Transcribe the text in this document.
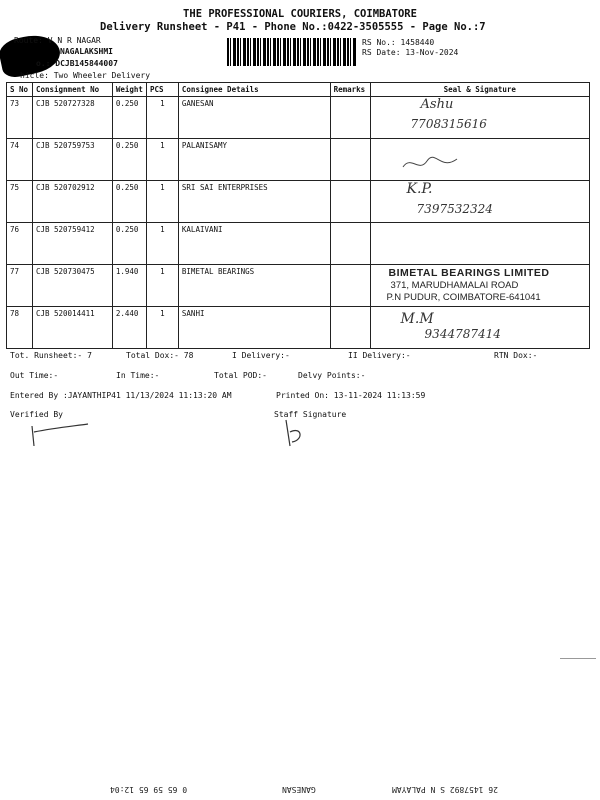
THE PROFESSIONAL COURIERS, COIMBATORE
Delivery Runsheet - P41 - Phone No.:0422-3505555 - Page No.:7
Route: V N R NAGAR
NAGALAKSHMI
o.: DCJB145844007
hicle: Two Wheeler Delivery
RS No.: 1458440
RS Date: 13-Nov-2024
S No	Consignment No	Weight	PCS	Consignee Details	Remarks	Seal & Signature
73	CJB 520727328	0.250	1	GANESAN		Ashu
7708315616

74	CJB 520759753	0.250	1	PALANISAMY		

75	CJB 520702912	0.250	1	SRI SAI ENTERPRISES		K.P.
7397532324

76	CJB 520759412	0.250	1	KALAIVANI		
77	CJB 520730475	1.940	1	BIMETAL BEARINGS		BIMETAL BEARINGS LIMITED
371, MARUDHAMALAI ROAD
P.N PUDUR, COIMBATORE-641041

78	CJB 520014411	2.440	1	SANHI		M.M
9344787414
Tot. Runsheet:- 7	Total Dox:- 78	I Delivery:-	II Delivery:-	RTN Dox:-
Out Time:-	In Time:-	Total POD:-	Delvy Points:-
Entered By :JAYANTHIP41 11/13/2024 11:13:20 AM	Printed On: 13-11-2024 11:13:59
Verified By	Staff Signature
26 1457892 S N PALAYAM
GANESAN
0 65 59 65 12:04
